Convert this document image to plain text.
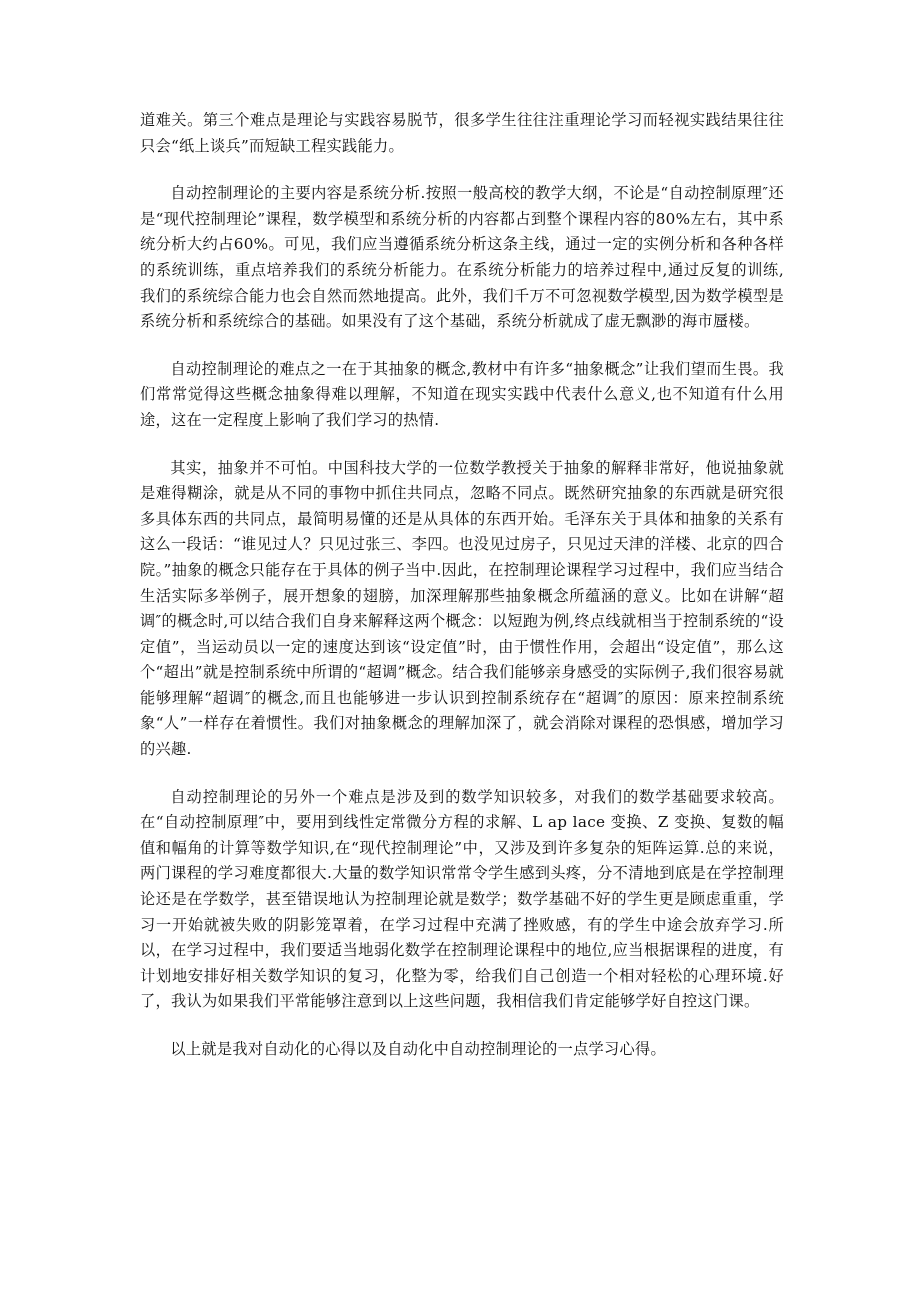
道难关。第三个难点是理论与实践容易脱节，很多学生往往注重理论学习而轻视实践结果往往只会“纸上谈兵”而短缺工程实践能力。

自动控制理论的主要内容是系统分析.按照一般高校的教学大纲，不论是“自动控制原理″还是“现代控制理论”课程，数学模型和系统分析的内容都占到整个课程内容的80%左右，其中系统分析大约占60%。可见，我们应当遵循系统分析这条主线，通过一定的实例分析和各种各样的系统训练，重点培养我们的系统分析能力。在系统分析能力的培养过程中,通过反复的训练,我们的系统综合能力也会自然而然地提高。此外，我们千万不可忽视数学模型,因为数学模型是系统分析和系统综合的基础。如果没有了这个基础，系统分析就成了虚无飘渺的海市蜃楼。

自动控制理论的难点之一在于其抽象的概念,教材中有许多“抽象概念”让我们望而生畏。我们常常觉得这些概念抽象得难以理解，不知道在现实实践中代表什么意义,也不知道有什么用途，这在一定程度上影响了我们学习的热情.

其实，抽象并不可怕。中国科技大学的一位数学教授关于抽象的解释非常好，他说抽象就是难得糊涂，就是从不同的事物中抓住共同点，忽略不同点。既然研究抽象的东西就是研究很多具体东西的共同点，最简明易懂的还是从具体的东西开始。毛泽东关于具体和抽象的关系有这么一段话：“谁见过人？只见过张三、李四。也没见过房子，只见过天津的洋楼、北京的四合院。”抽象的概念只能存在于具体的例子当中.因此，在控制理论课程学习过程中，我们应当结合生活实际多举例子，展开想象的翅膀，加深理解那些抽象概念所蕴涵的意义。比如在讲解“超调″的概念时,可以结合我们自身来解释这两个概念：以短跑为例,终点线就相当于控制系统的“设定值”，当运动员以一定的速度达到该“设定值”时，由于惯性作用，会超出“设定值”，那么这个“超出”就是控制系统中所谓的“超调”概念。结合我们能够亲身感受的实际例子,我们很容易就能够理解“超调″的概念,而且也能够进一步认识到控制系统存在“超调″的原因：原来控制系统象“人”一样存在着惯性。我们对抽象概念的理解加深了，就会消除对课程的恐惧感，增加学习的兴趣.

自动控制理论的另外一个难点是涉及到的数学知识较多，对我们的数学基础要求较高。在“自动控制原理″中，要用到线性定常微分方程的求解、L ap lace 变换、Z 变换、复数的幅值和幅角的计算等数学知识,在“现代控制理论”中，又涉及到许多复杂的矩阵运算.总的来说，两门课程的学习难度都很大.大量的数学知识常常令学生感到头疼，分不清地到底是在学控制理论还是在学数学，甚至错误地认为控制理论就是数学；数学基础不好的学生更是顾虑重重，学习一开始就被失败的阴影笼罩着，在学习过程中充满了挫败感，有的学生中途会放弃学习.所以，在学习过程中，我们要适当地弱化数学在控制理论课程中的地位,应当根据课程的进度，有计划地安排好相关数学知识的复习，化整为零，给我们自己创造一个相对轻松的心理环境.好了，我认为如果我们平常能够注意到以上这些问题，我相信我们肯定能够学好自控这门课。

以上就是我对自动化的心得以及自动化中自动控制理论的一点学习心得。
